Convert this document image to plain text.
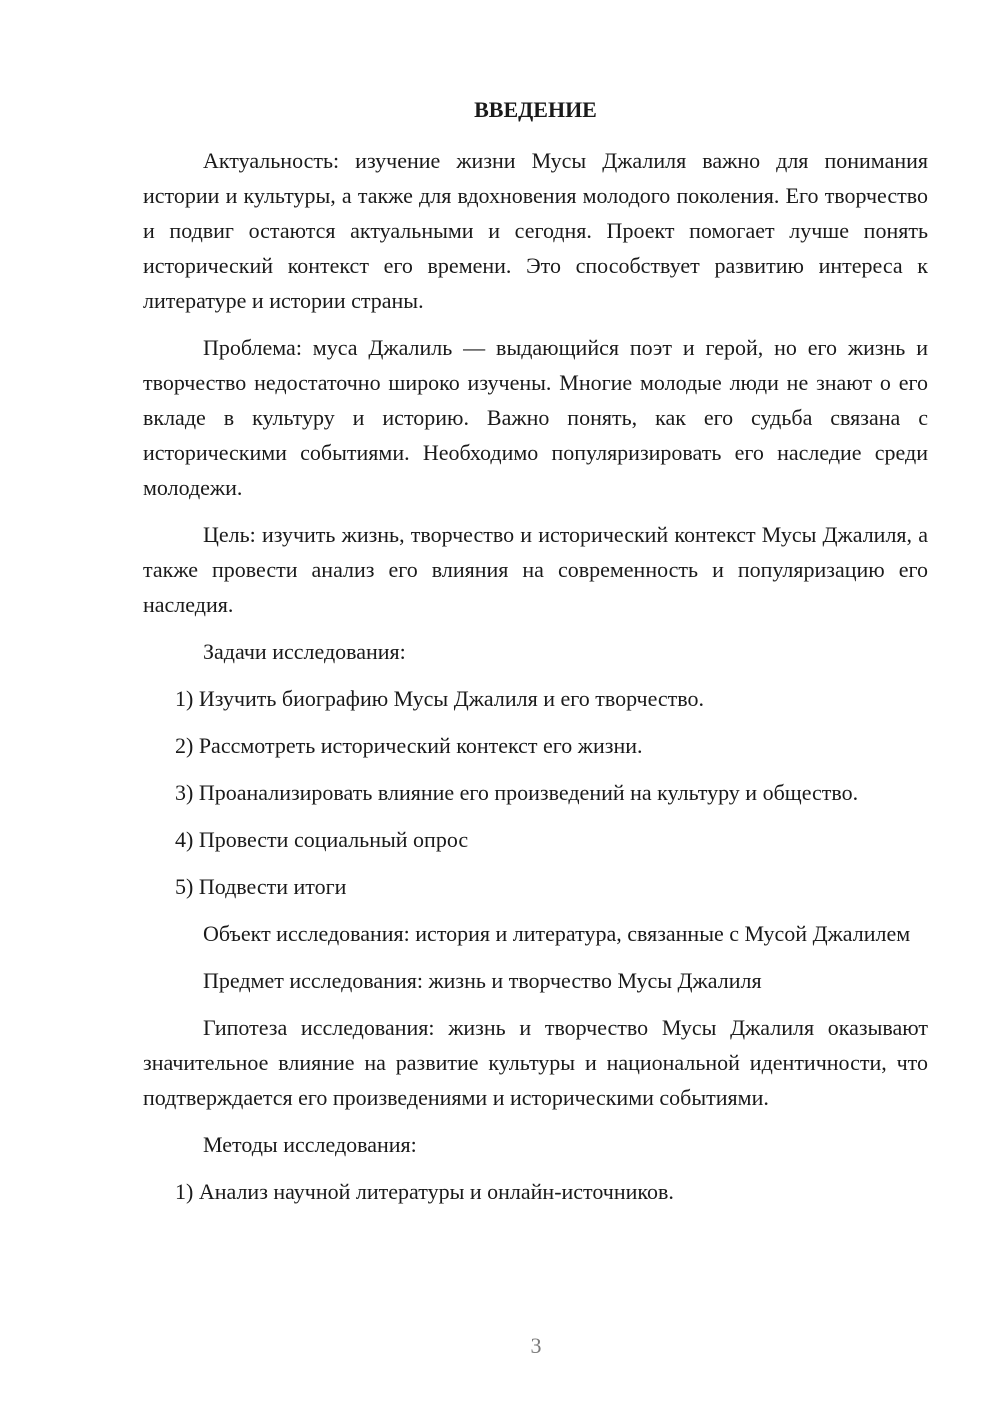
ВВЕДЕНИЕ

Актуальность: изучение жизни Мусы Джалиля важно для понимания истории и культуры, а также для вдохновения молодого поколения. Его творчество и подвиг остаются актуальными и сегодня. Проект помогает лучше понять исторический контекст его времени. Это способствует развитию интереса к литературе и истории страны.

Проблема: муса Джалиль — выдающийся поэт и герой, но его жизнь и творчество недостаточно широко изучены. Многие молодые люди не знают о его вкладе в культуру и историю. Важно понять, как его судьба связана с историческими событиями. Необходимо популяризировать его наследие среди молодежи.

Цель: изучить жизнь, творчество и исторический контекст Мусы Джалиля, а также провести анализ его влияния на современность и популяризацию его наследия.

Задачи исследования:

1) Изучить биографию Мусы Джалиля и его творчество.

2) Рассмотреть исторический контекст его жизни.

3) Проанализировать влияние его произведений на культуру и общество.

4) Провести социальный опрос

5) Подвести итоги

Объект исследования: история и литература, связанные с Мусой Джалилем

Предмет исследования: жизнь и творчество Мусы Джалиля

Гипотеза исследования: жизнь и творчество Мусы Джалиля оказывают значительное влияние на развитие культуры и национальной идентичности, что подтверждается его произведениями и историческими событиями.

Методы исследования:

1) Анализ научной литературы и онлайн-источников.

3
